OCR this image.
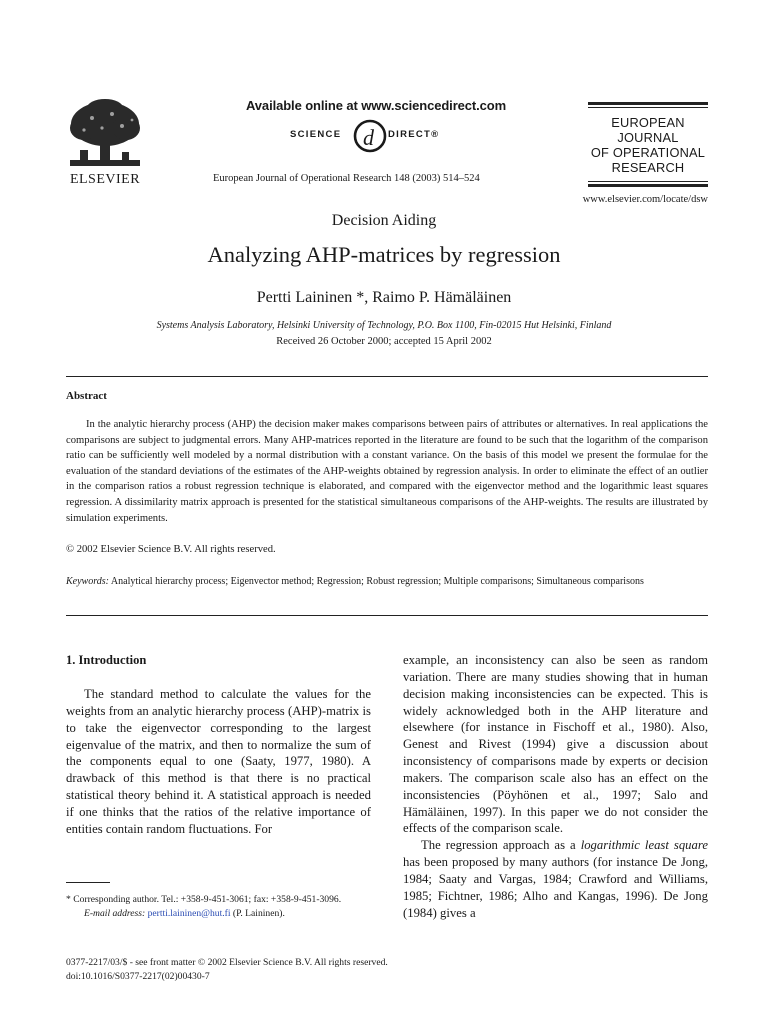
ELSEVIER
Available online at www.sciencedirect.com
SCIENCE d DIRECT®
European Journal of Operational Research 148 (2003) 514–524
EUROPEAN
JOURNAL
OF OPERATIONAL
RESEARCH
www.elsevier.com/locate/dsw
Decision Aiding
Analyzing AHP-matrices by regression
Pertti Laininen *, Raimo P. Hämäläinen
Systems Analysis Laboratory, Helsinki University of Technology, P.O. Box 1100, Fin-02015 Hut Helsinki, Finland
Received 26 October 2000; accepted 15 April 2002
Abstract
In the analytic hierarchy process (AHP) the decision maker makes comparisons between pairs of attributes or alternatives. In real applications the comparisons are subject to judgmental errors. Many AHP-matrices reported in the literature are found to be such that the logarithm of the comparison ratio can be sufficiently well modeled by a normal distribution with a constant variance. On the basis of this model we present the formulae for the evaluation of the standard deviations of the estimates of the AHP-weights obtained by regression analysis. In order to eliminate the effect of an outlier in the comparison ratios a robust regression technique is elaborated, and compared with the eigenvector method and the logarithmic least squares regression. A dissimilarity matrix approach is presented for the statistical simultaneous comparisons of the AHP-weights. The results are illustrated by simulation experiments.
© 2002 Elsevier Science B.V. All rights reserved.
Keywords: Analytical hierarchy process; Eigenvector method; Regression; Robust regression; Multiple comparisons; Simultaneous comparisons
1. Introduction
The standard method to calculate the values for the weights from an analytic hierarchy process (AHP)-matrix is to take the eigenvector corresponding to the largest eigenvalue of the matrix, and then to normalize the sum of the components equal to one (Saaty, 1977, 1980). A drawback of this method is that there is no practical statistical theory behind it. A statistical approach is needed if one thinks that the ratios of the relative importance of entities contain random fluctuations. For

example, an inconsistency can also be seen as random variation. There are many studies showing that in human decision making inconsistencies can be expected. This is widely acknowledged both in the AHP literature and elsewhere (for instance in Fischoff et al., 1980). Also, Genest and Rivest (1994) give a discussion about inconsistency of comparisons made by experts or decision makers. The comparison scale also has an effect on the inconsistencies (Pöyhönen et al., 1997; Salo and Hämäläinen, 1997). In this paper we do not consider the effects of the comparison scale.

The regression approach as a logarithmic least square has been proposed by many authors (for instance De Jong, 1984; Saaty and Vargas, 1984; Crawford and Williams, 1985; Fichtner, 1986; Alho and Kangas, 1996). De Jong (1984) gives a

* Corresponding author. Tel.: +358-9-451-3061; fax: +358-9-451-3096.
E-mail address: pertti.laininen@hut.fi (P. Laininen).
0377-2217/03/$ - see front matter © 2002 Elsevier Science B.V. All rights reserved.
doi:10.1016/S0377-2217(02)00430-7
